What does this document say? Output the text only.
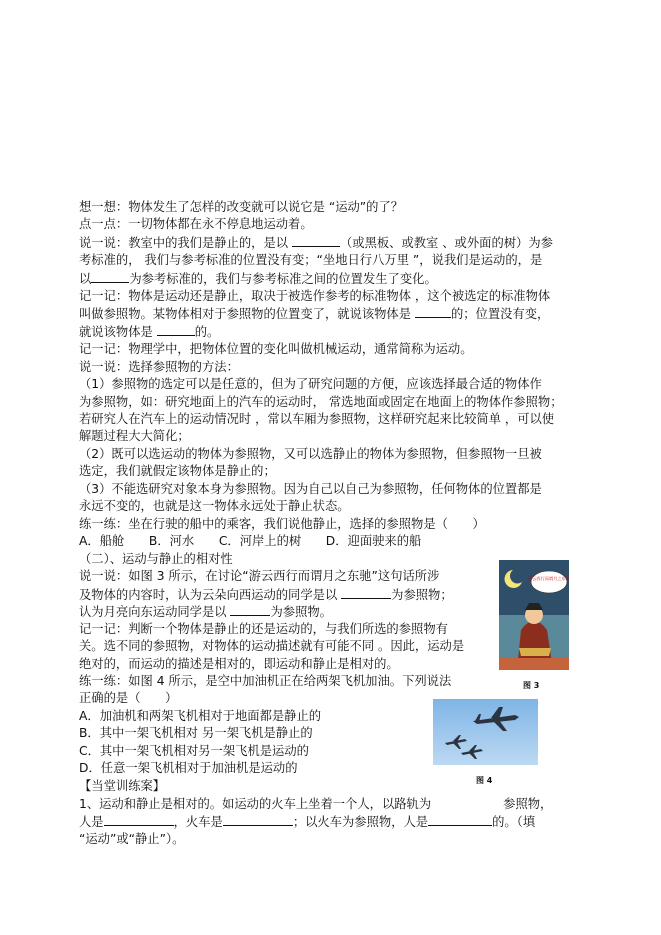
想一想：物体发生了怎样的改变就可以说它是 “运动”的了？
点一点：一切物体都在永不停息地运动着。
说一说：教室中的我们是静止的，是以	（或黑板、或教室 、或外面的树）为参
考标准的， 我们与参考标准的位置没有变；“坐地日行八万里 ”，说我们是运动的，是
以	为参考标准的，我们与参考标准之间的位置发生了变化。
记一记：物体是运动还是静止，取决于被选作参考的标准物体 ，这个被选定的标准物体
叫做参照物。某物体相对于参照物的位置变了，就说该物体是	的；位置没有变，
就说该物体是	的。
记一记：物理学中，把物体位置的变化叫做机械运动，通常简称为运动。
说一说：选择参照物的方法：
（1）参照物的选定可以是任意的，但为了研究问题的方便，应该选择最合适的物体作
为参照物，如：研究地面上的汽车的运动时， 常选地面或固定在地面上的物体作参照物；
若研究人在汽车上的运动情况时 ，常以车厢为参照物，这样研究起来比较简单 ，可以使
解题过程大大简化；
（2）既可以选运动的物体为参照物，又可以选静止的物体为参照物，但参照物一旦被
选定，我们就假定该物体是静止的；
（3）不能选研究对象本身为参照物。因为自己以自己为参照物，任何物体的位置都是
永远不变的，也就是这一物体永远处于静止状态。
练一练：坐在行驶的船中的乘客，我们说他静止，选择的参照物是（　　）
A．船舱　　B．河水　　C．河岸上的树　　D．迎面驶来的船
（二）、运动与静止的相对性
说一说：如图 3 所示，在讨论“游云西行而谓月之东驰”这句话所涉
及物体的内容时，认为云朵向西运动的同学是以	为参照物；
认为月亮向东运动同学是以	为参照物。
记一记：判断一个物体是静止的还是运动的，与我们所选的参照物有
关。选不同的参照物，对物体的运动描述就有可能不同 。因此，运动是
绝对的，而运动的描述是相对的，即运动和静止是相对的。
练一练：如图 4 所示，是空中加油机正在给两架飞机加油。下列说法
正确的是（　　）
A．加油机和两架飞机相对于地面都是静止的
B．其中一架飞机相对 另一架飞机是静止的
C．其中一架飞机相对另一架飞机是运动的
D．任意一架飞机相对于加油机是运动的
【当堂训练案】
1、运动和静止是相对的。如运动的火车上坐着一个人，以路轨为	参照物，
人是	，火车是	；以火车为参照物，人是	的。（填
“运动”或“静止”）。
游云西行而谓月之东驰
图 3
图 4
